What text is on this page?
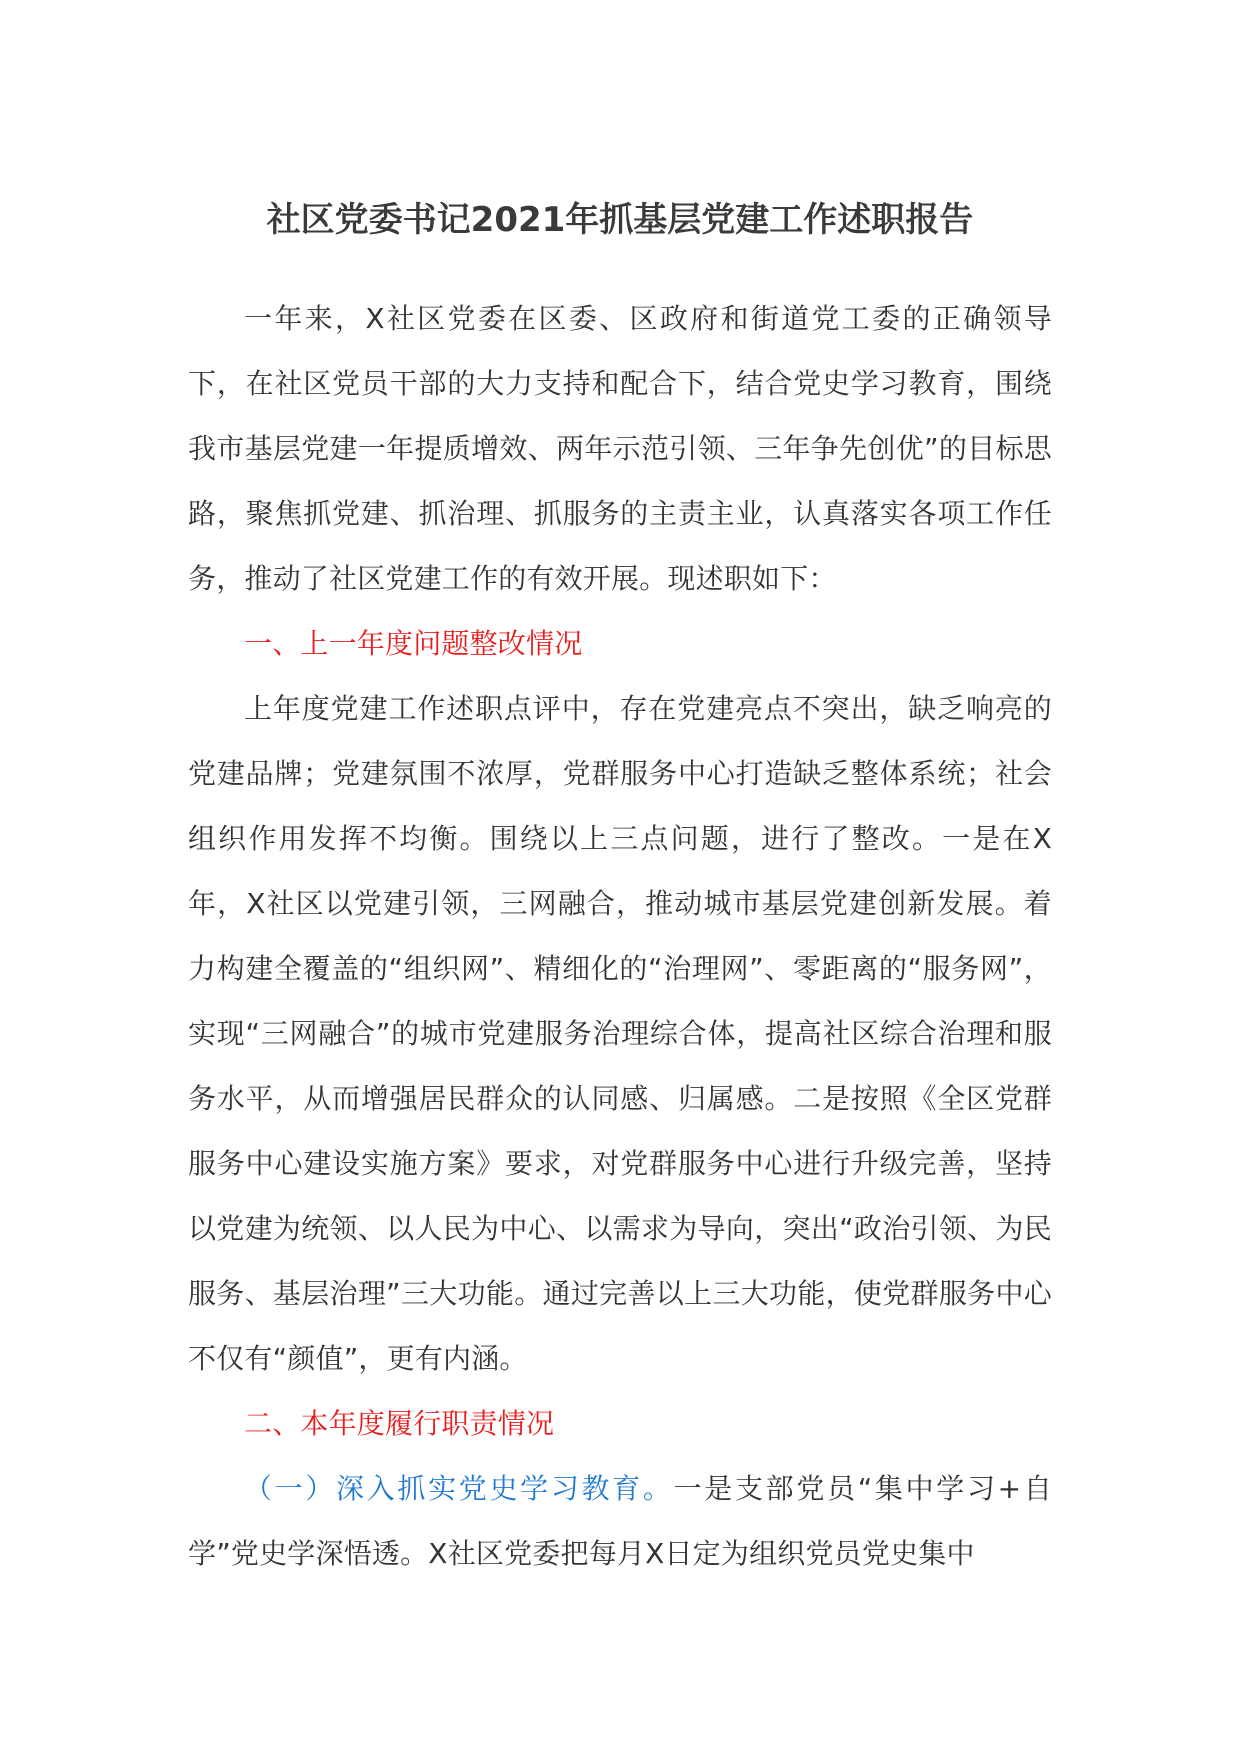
社区党委书记2021年抓基层党建工作述职报告

一年来，X社区党委在区委、区政府和街道党工委的正确领导下，在社区党员干部的大力支持和配合下，结合党史学习教育，围绕我市基层党建一年提质增效、两年示范引领、三年争先创优”的目标思路，聚焦抓党建、抓治理、抓服务的主责主业，认真落实各项工作任务，推动了社区党建工作的有效开展。现述职如下：

一、上一年度问题整改情况

上年度党建工作述职点评中，存在党建亮点不突出，缺乏响亮的党建品牌；党建氛围不浓厚，党群服务中心打造缺乏整体系统；社会组织作用发挥不均衡。围绕以上三点问题，进行了整改。一是在X年，X社区以党建引领，三网融合，推动城市基层党建创新发展。着力构建全覆盖的“组织网”、精细化的“治理网”、零距离的“服务网”，实现“三网融合”的城市党建服务治理综合体，提高社区综合治理和服务水平，从而增强居民群众的认同感、归属感。二是按照《全区党群服务中心建设实施方案》要求，对党群服务中心进行升级完善，坚持以党建为统领、以人民为中心、以需求为导向，突出“政治引领、为民服务、基层治理”三大功能。通过完善以上三大功能，使党群服务中心不仅有“颜值”，更有内涵。

二、本年度履行职责情况

（一）深入抓实党史学习教育。一是支部党员“集中学习+自学”党史学深悟透。X社区党委把每月X日定为组织党员党史集中
